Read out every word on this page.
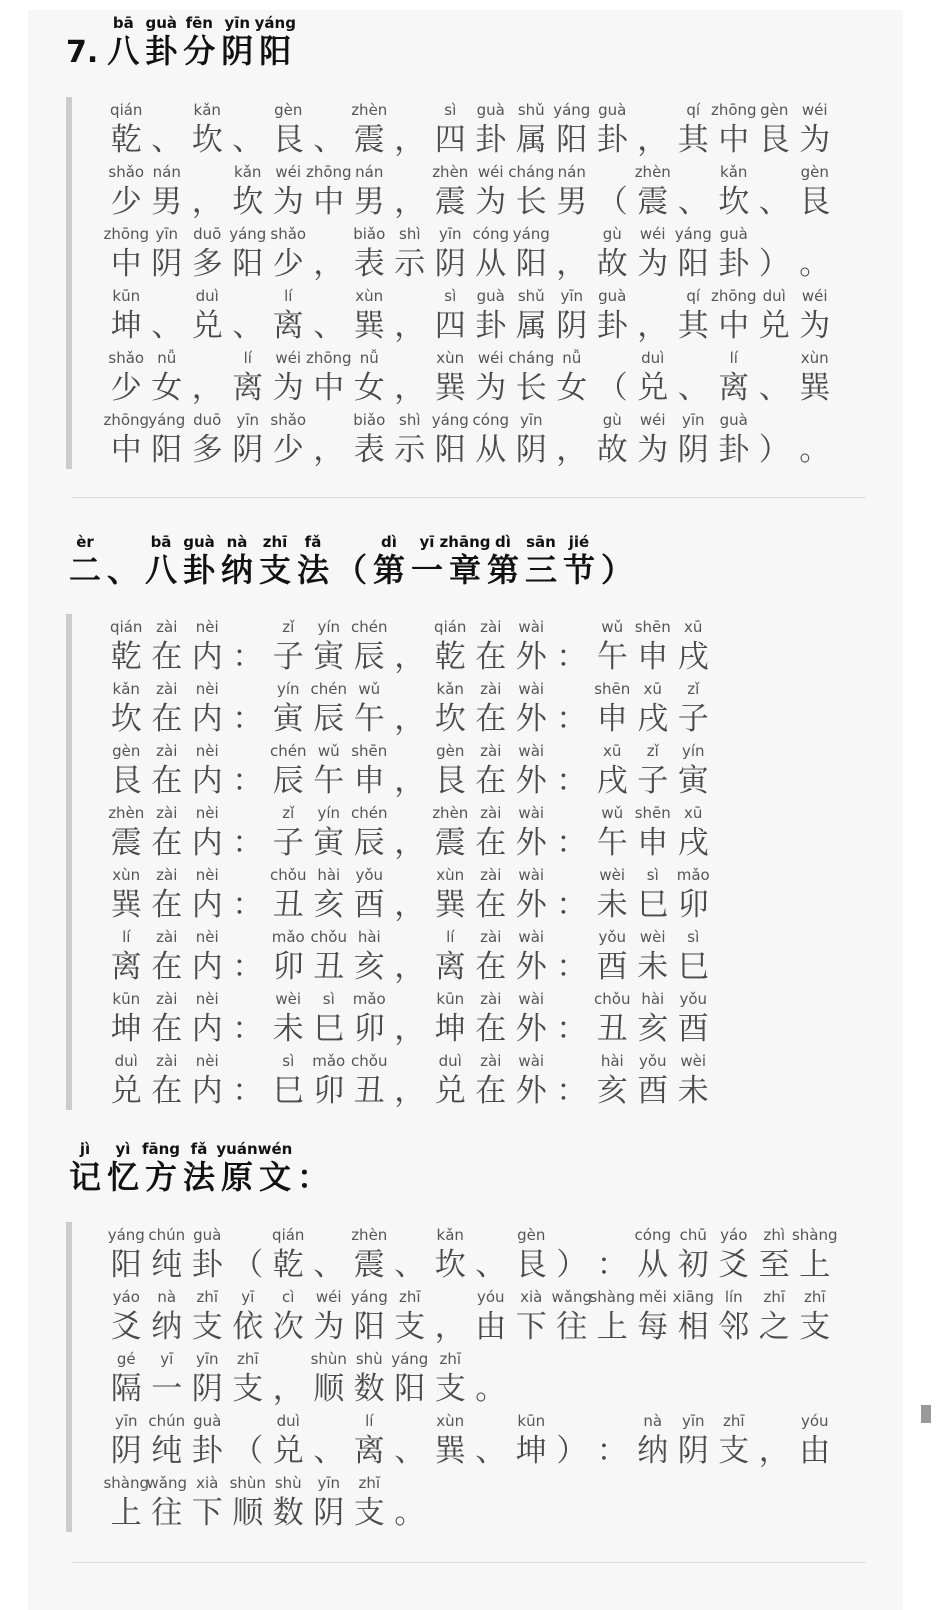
7.
bā
八
guà
卦
fēn
分
yīn
阴
yáng
阳
qián
乾 、
kǎn
坎 、
gèn
艮 、
zhèn
震 ，
sì
四
guà
卦
shǔ
属
yáng
阳
guà
卦 ，
qí
其
zhōng
中
gèn
艮
wéi
为
shǎo
少
nán
男 ，
kǎn
坎
wéi
为
zhōng
中
nán
男 ，
zhèn
震
wéi
为
cháng
长
nán
男 （
zhèn
震 、
kǎn
坎 、
gèn
艮
zhōng
中
yīn
阴
duō
多
yáng
阳
shǎo
少 ，
biǎo
表
shì
示
yīn
阴
cóng
从
yáng
阳 ，
gù
故
wéi
为
yáng
阳
guà
卦 ） 。
kūn
坤 、
duì
兑 、
lí
离 、
xùn
巽 ，
sì
四
guà
卦
shǔ
属
yīn
阴
guà
卦 ，
qí
其
zhōng
中
duì
兑
wéi
为
shǎo
少
nǚ
女 ，
lí
离
wéi
为
zhōng
中
nǚ
女 ，
xùn
巽
wéi
为
cháng
长
nǚ
女 （
duì
兑 、
lí
离 、
xùn
巽
zhōng
中
yáng
阳
duō
多
yīn
阴
shǎo
少 ，
biǎo
表
shì
示
yáng
阳
cóng
从
yīn
阴 ，
gù
故
wéi
为
yīn
阴
guà
卦 ） 。
èr
二 、
bā
八
guà
卦
nà
纳
zhī
支
fǎ
法 （
dì
第
yī
一
zhāng
章
dì
第
sān
三
jié
节 ）
qián
乾
zài
在
nèi
内 ：
zǐ
子
yín
寅
chén
辰 ，
qián
乾
zài
在
wài
外 ：
wǔ
午
shēn
申
xū
戌
kǎn
坎
zài
在
nèi
内 ：
yín
寅
chén
辰
wǔ
午 ，
kǎn
坎
zài
在
wài
外 ：
shēn
申
xū
戌
zǐ
子
gèn
艮
zài
在
nèi
内 ：
chén
辰
wǔ
午
shēn
申 ，
gèn
艮
zài
在
wài
外 ：
xū
戌
zǐ
子
yín
寅
zhèn
震
zài
在
nèi
内 ：
zǐ
子
yín
寅
chén
辰 ，
zhèn
震
zài
在
wài
外 ：
wǔ
午
shēn
申
xū
戌
xùn
巽
zài
在
nèi
内 ：
chǒu
丑
hài
亥
yǒu
酉 ，
xùn
巽
zài
在
wài
外 ：
wèi
未
sì
巳
mǎo
卯
lí
离
zài
在
nèi
内 ：
mǎo
卯
chǒu
丑
hài
亥 ，
lí
离
zài
在
wài
外 ：
yǒu
酉
wèi
未
sì
巳
kūn
坤
zài
在
nèi
内 ：
wèi
未
sì
巳
mǎo
卯 ，
kūn
坤
zài
在
wài
外 ：
chǒu
丑
hài
亥
yǒu
酉
duì
兑
zài
在
nèi
内 ：
sì
巳
mǎo
卯
chǒu
丑 ，
duì
兑
zài
在
wài
外 ：
hài
亥
yǒu
酉
wèi
未
jì
记
yì
忆
fāng
方
fǎ
法
yuán
原
wén
文 ：
yáng
阳
chún
纯
guà
卦 （
qián
乾 、
zhèn
震 、
kǎn
坎 、
gèn
艮 ） ：
cóng
从
chū
初
yáo
爻
zhì
至
shàng
上
yáo
爻
nà
纳
zhī
支
yī
依
cì
次
wéi
为
yáng
阳
zhī
支 ，
yóu
由
xià
下
wǎng
往
shàng
上
měi
每
xiāng
相
lín
邻
zhī
之
zhī
支
gé
隔
yī
一
yīn
阴
zhī
支 ，
shùn
顺
shù
数
yáng
阳
zhī
支 。
yīn
阴
chún
纯
guà
卦 （
duì
兑 、
lí
离 、
xùn
巽 、
kūn
坤 ） ：
nà
纳
yīn
阴
zhī
支 ，
yóu
由
shàng
上
wǎng
往
xià
下
shùn
顺
shù
数
yīn
阴
zhī
支 。
